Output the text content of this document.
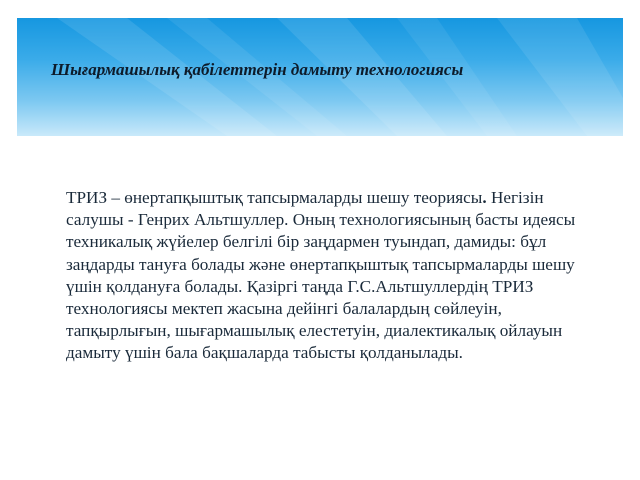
Шығармашылық қабілеттерін дамыту технологиясы

ТРИЗ – өнертапқыштық тапсырмаларды шешу теориясы. Негізін салушы - Генрих Альтшуллер. Оның технологиясының басты идеясы техникалық жүйелер белгілі бір заңдармен туындап, дамиды: бұл заңдарды тануға болады және өнертапқыштық тапсырмаларды шешу үшін қолдануға болады. Қазіргі таңда Г.С.Альтшуллердің ТРИЗ технологиясы мектеп жасына дейінгі балалардың сөйлеуін, тапқырлығын, шығармашылық елестетуін, диалектикалық ойлауын дамыту үшін бала бақшаларда табысты қолданылады.
